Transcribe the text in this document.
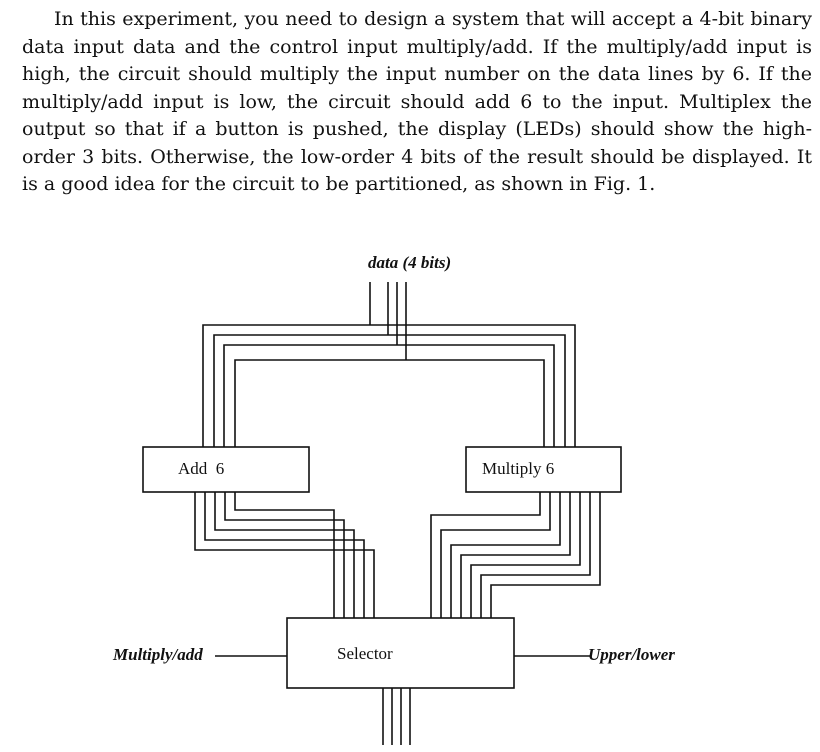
In this experiment, you need to design a system that will accept a 4-bit binary data input data and the control input multiply/add. If the multiply/add input is high, the circuit should multiply the input number on the data lines by 6. If the multiply/add input is low, the circuit should add 6 to the input. Multiplex the output so that if a button is pushed, the display (LEDs) should show the high-order 3 bits. Otherwise, the low-order 4 bits of the result should be displayed. It is a good idea for the circuit to be partitioned, as shown in Fig. 1.

data (4 bits)
Add  6	Multiply 6
Selector
Multiply/add	Upper/lower
